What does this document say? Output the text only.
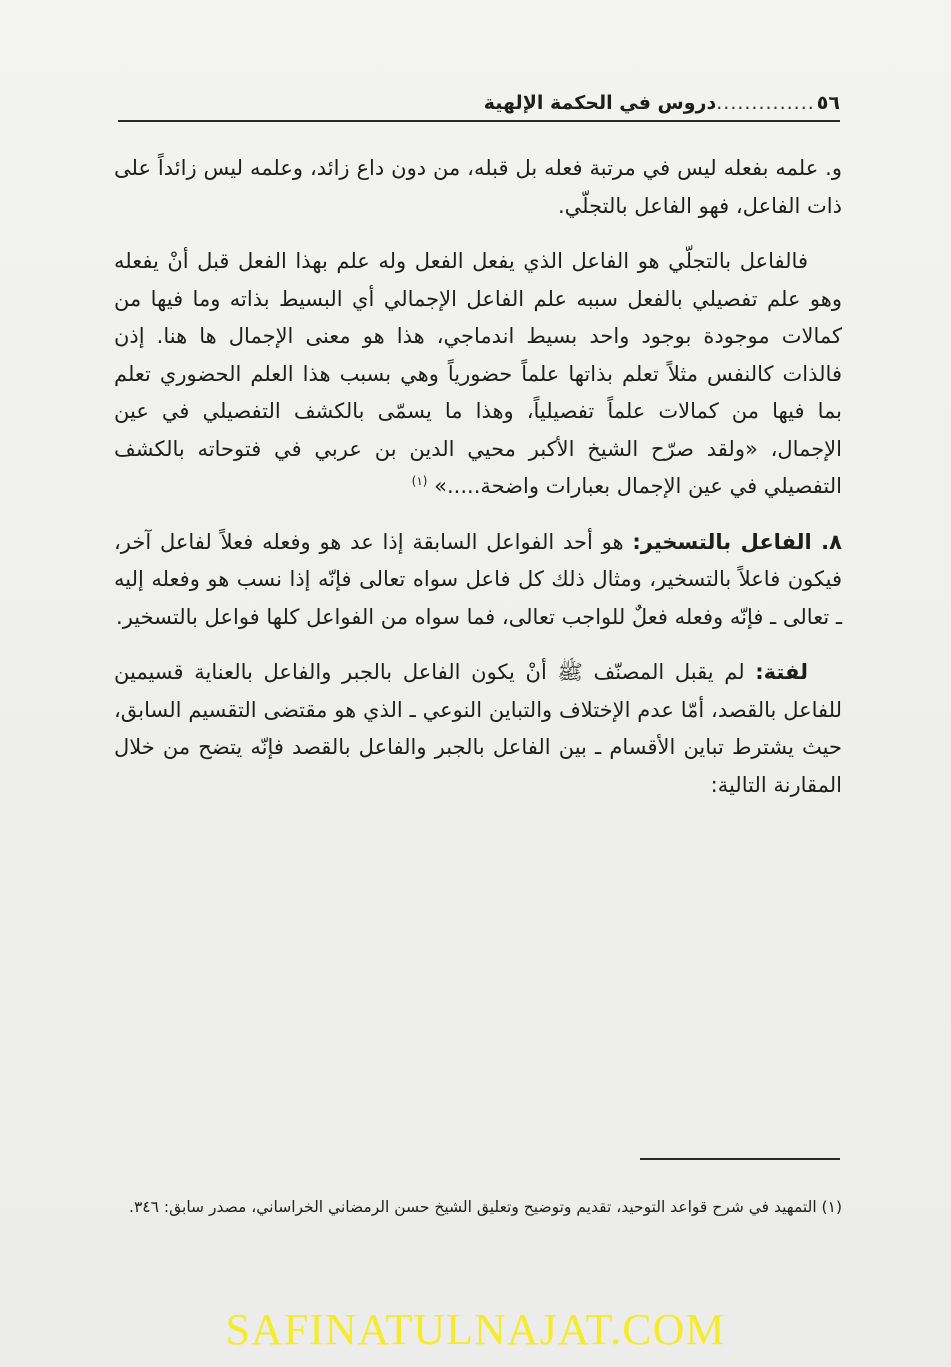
٥٦
..............
دروس في الحكمة الإلهية

و. علمه بفعله ليس في مرتبة فعله بل قبله، من دون داع زائد، وعلمه ليس زائداً على ذات الفاعل، فهو الفاعل بالتجلّي.

فالفاعل بالتجلّي هو الفاعل الذي يفعل الفعل وله علم بهذا الفعل قبل أنْ يفعله وهو علم تفصيلي بالفعل سببه علم الفاعل الإجمالي أي البسيط بذاته وما فيها من كمالات موجودة بوجود واحد بسيط اندماجي، هذا هو معنى الإجمال ها هنا. إذن فالذات كالنفس مثلاً تعلم بذاتها علماً حضورياً وهي بسبب هذا العلم الحضوري تعلم بما فيها من كمالات علماً تفصيلياً، وهذا ما يسمّى بالكشف التفصيلي في عين الإجمال، «ولقد صرّح الشيخ الأكبر محيي الدين بن عربي في فتوحاته بالكشف التفصيلي في عين الإجمال بعبارات واضحة.....» $^{(١)}$

٨. الفاعل بالتسخير: هو أحد الفواعل السابقة إذا عد هو وفعله فعلاً لفاعل آخر، فيكون فاعلاً بالتسخير، ومثال ذلك كل فاعل سواه تعالى فإنّه إذا نسب هو وفعله إليه ـ تعالى ـ فإنّه وفعله فعلٌ للواجب تعالى، فما سواه من الفواعل كلها فواعل بالتسخير.

لفتة: لم يقبل المصنّف ﷺ أنْ يكون الفاعل بالجبر والفاعل بالعناية قسيمين للفاعل بالقصد، أمّا عدم الإختلاف والتباين النوعي ـ الذي هو مقتضى التقسيم السابق، حيث يشترط تباين الأقسام ـ بين الفاعل بالجبر والفاعل بالقصد فإنّه يتضح من خلال المقارنة التالية:

(١) التمهيد في شرح قواعد التوحيد، تقديم وتوضيح وتعليق الشيخ حسن الرمضاني الخراساني، مصدر سابق: ٣٤٦.
SAFINATULNAJAT.COM
